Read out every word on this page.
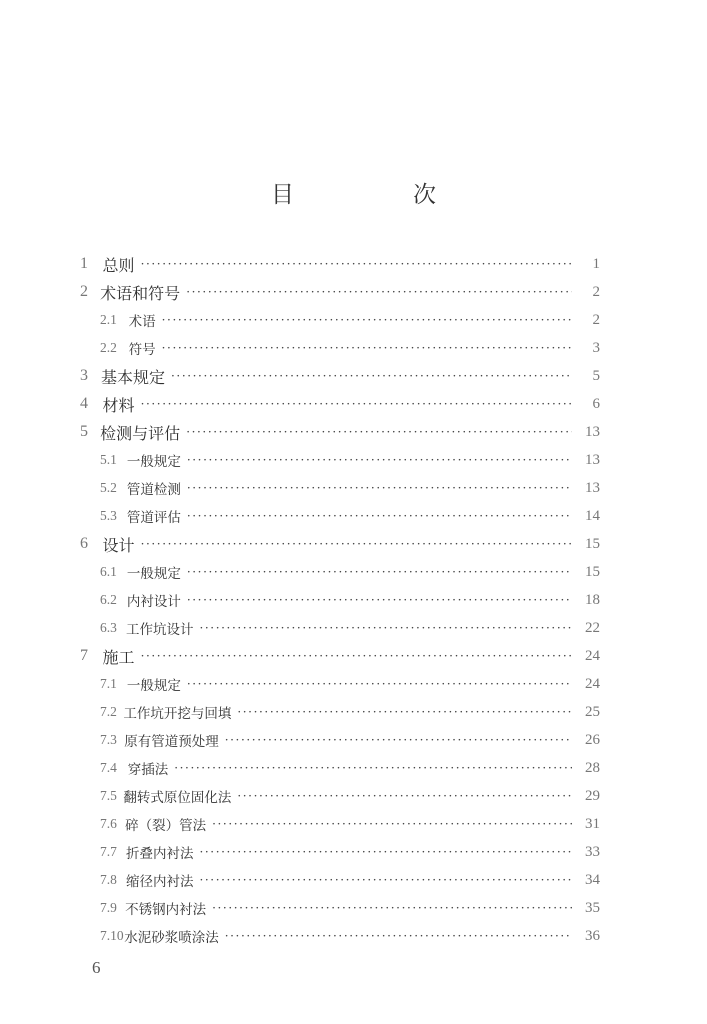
目　次
1 总则 ·····	1
2 术语和符号 ·····	2
2.1 术语 ·····	2
2.2 符号 ·····	3
3 基本规定 ·····	5
4 材料 ·····	6
5 检测与评估 ·····	13
5.1 一般规定 ·····	13
5.2 管道检测 ·····	13
5.3 管道评估 ·····	14
6 设计 ·····	15
6.1 一般规定 ·····	15
6.2 内衬设计 ·····	18
6.3 工作坑设计 ·····	22
7 施工 ·····	24
7.1 一般规定 ·····	24
7.2 工作坑开挖与回填 ·····	25
7.3 原有管道预处理 ·····	26
7.4 穿插法 ·····	28
7.5 翻转式原位固化法 ·····	29
7.6 碎（裂）管法 ·····	31
7.7 折叠内衬法 ·····	33
7.8 缩径内衬法 ·····	34
7.9 不锈钢内衬法 ·····	35
7.10 水泥砂浆喷涂法 ·····	36
6
